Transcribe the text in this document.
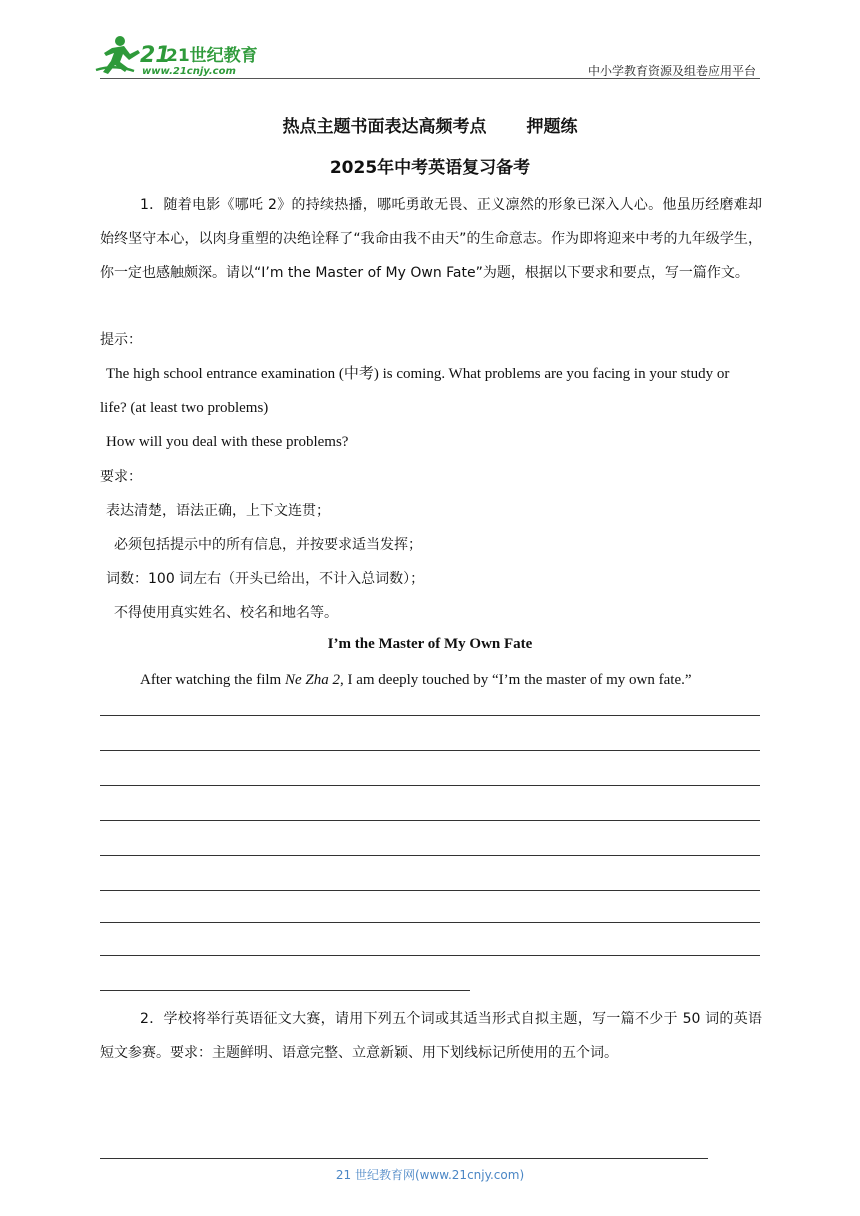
21
21世纪教育
www.21cnjy.com	中小学教育资源及组卷应用平台
热点主题书面表达高频考点 押题练
2025年中考英语复习备考
1．随着电影《哪吒 2》的持续热播，哪吒勇敢无畏、正义凛然的形象已深入人心。他虽历经磨难却始终坚守本心，以肉身重塑的决绝诠释了“我命由我不由天”的生命意志。作为即将迎来中考的九年级学生，你一定也感触颇深。请以“I’m the Master of My Own Fate”为题，根据以下要求和要点，写一篇作文。
提示：
The high school entrance examination (中考) is coming. What problems are you facing in your study or
life? (at least two problems)
How will you deal with these problems?
要求：
表达清楚，语法正确，上下文连贯；
必须包括提示中的所有信息，并按要求适当发挥；
词数：100 词左右（开头已给出，不计入总词数）；
不得使用真实姓名、校名和地名等。
I’m the Master of My Own Fate
After watching the film Ne Zha 2, I am deeply touched by “I’m the master of my own fate.”
2．学校将举行英语征文大赛，请用下列五个词或其适当形式自拟主题，写一篇不少于 50 词的英语短文参赛。要求：主题鲜明、语意完整、立意新颖、用下划线标记所使用的五个词。
21 世纪教育网(www.21cnjy.com)
